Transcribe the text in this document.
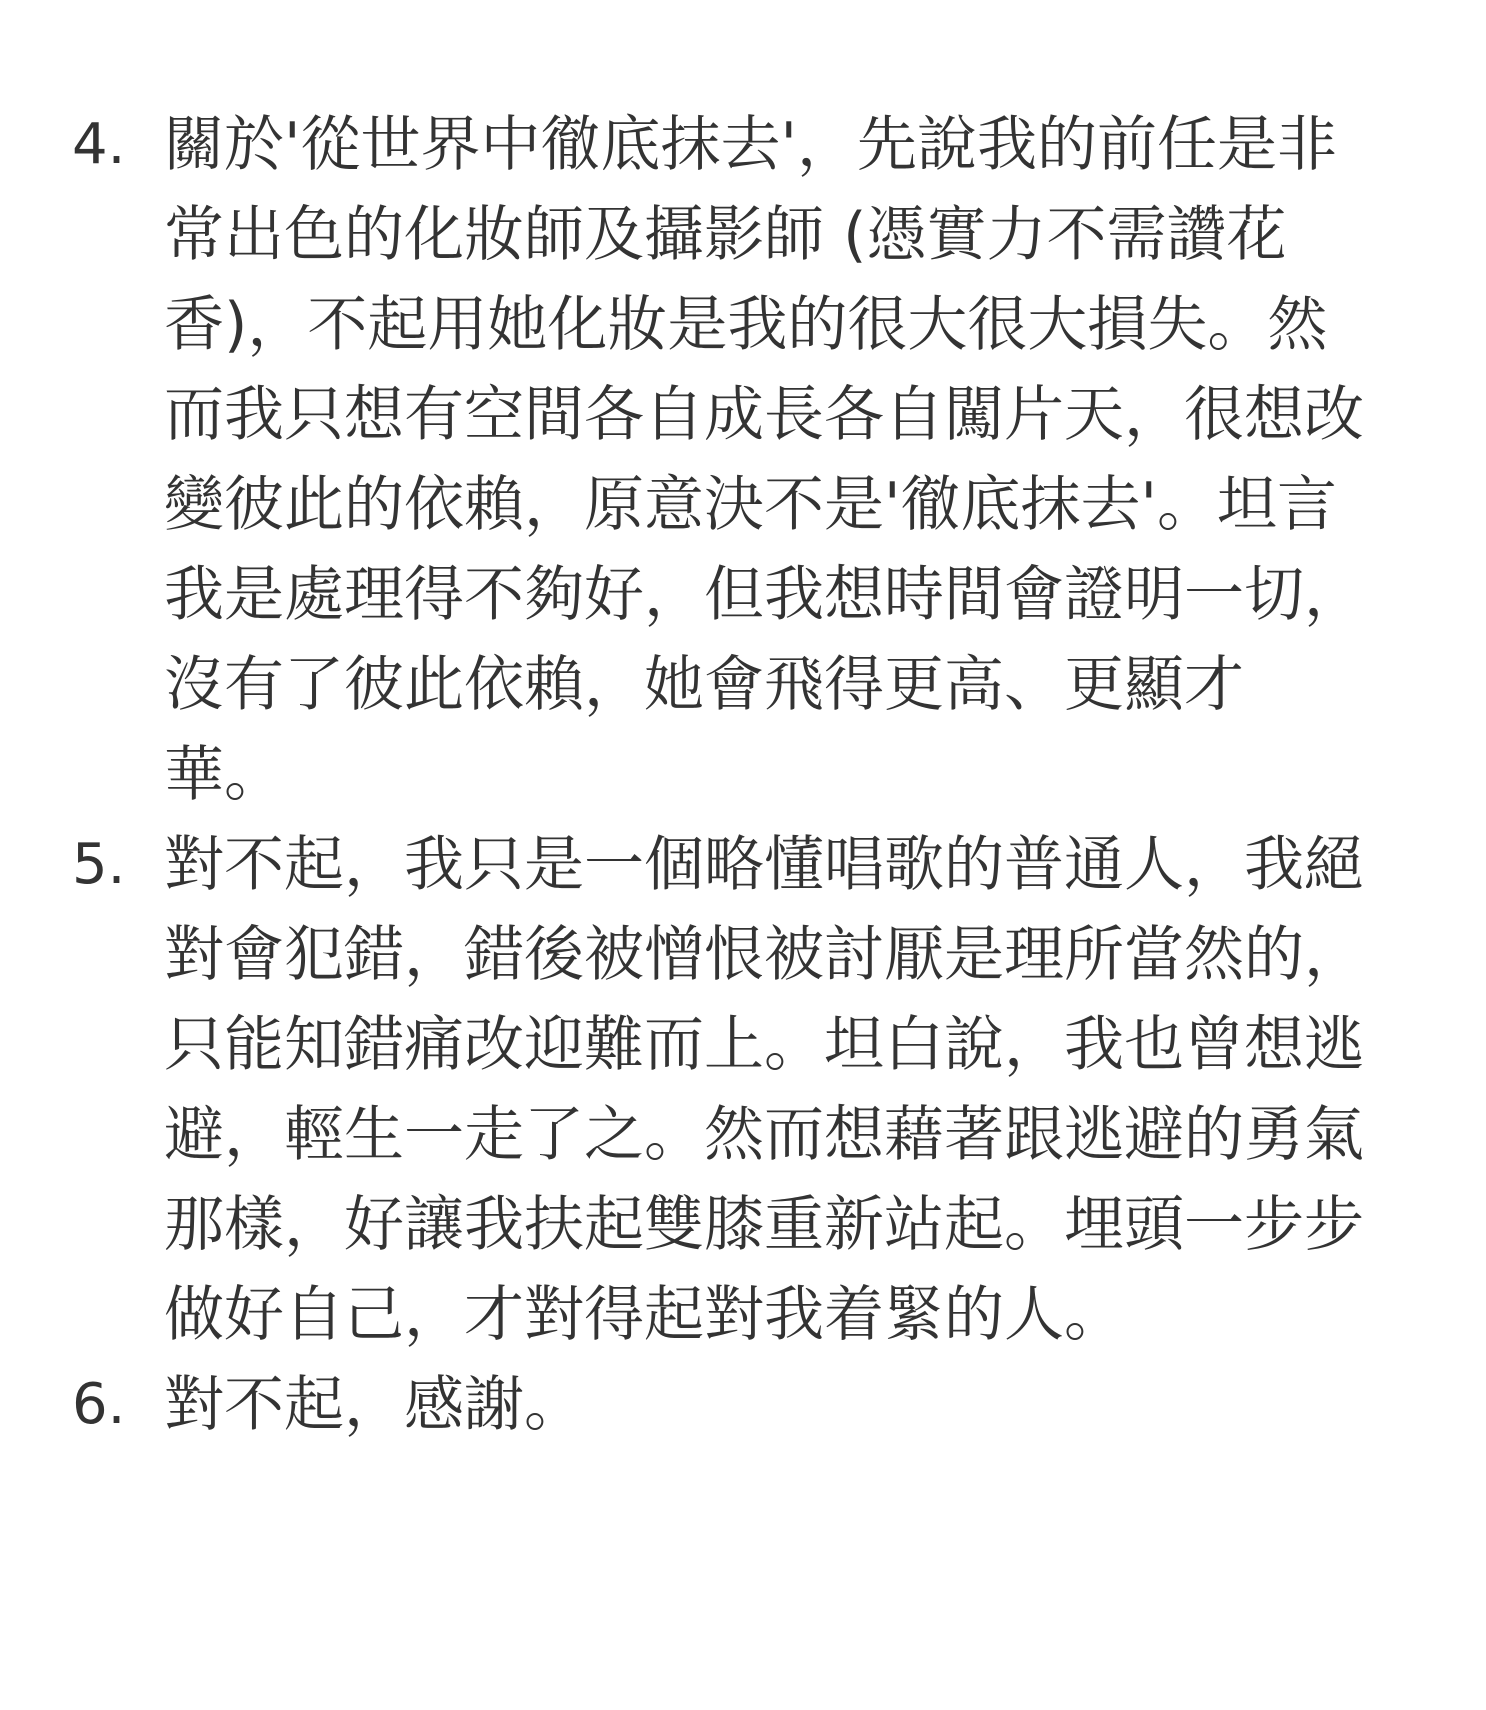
4. 關於'從世界中徹底抹去'，先說我的前任是非
常出色的化妝師及攝影師 (憑實力不需讚花
香)，不起用她化妝是我的很大很大損失。然
而我只想有空間各自成長各自闖片天，很想改
變彼此的依賴，原意決不是'徹底抹去'。坦言
我是處理得不夠好，但我想時間會證明一切，
沒有了彼此依賴，她會飛得更高、更顯才
華。

5. 對不起，我只是一個略懂唱歌的普通人，我絕
對會犯錯，錯後被憎恨被討厭是理所當然的，
只能知錯痛改迎難而上。坦白說，我也曾想逃
避，輕生一走了之。然而想藉著跟逃避的勇氣
那樣，好讓我扶起雙膝重新站起。埋頭一步步
做好自己，才對得起對我着緊的人。

6. 對不起，感謝。
